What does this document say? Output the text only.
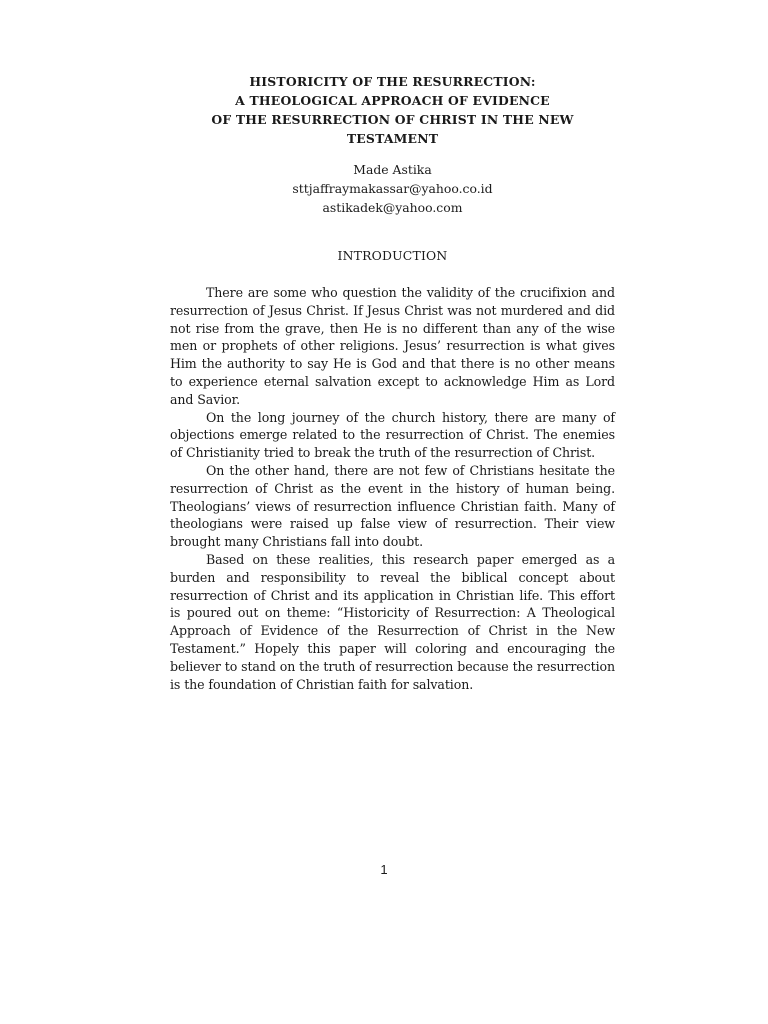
HISTORICITY OF THE RESURRECTION:
A THEOLOGICAL APPROACH OF EVIDENCE
OF THE RESURRECTION OF CHRIST IN THE NEW
TESTAMENT
Made Astika
sttjaffraymakassar@yahoo.co.id
astikadek@yahoo.com
INTRODUCTION

There are some who question the validity of the crucifixion and resurrection of Jesus Christ. If Jesus Christ was not murdered and did not rise from the grave, then He is no different than any of the wise men or prophets of other religions. Jesus’ resurrection is what gives Him the authority to say He is God and that there is no other means to experience eternal salvation except to acknowledge Him as Lord and Savior.

On the long journey of the church history, there are many of objections emerge related to the resurrection of Christ. The enemies of Christianity tried to break the truth of the resurrection of Christ.

On the other hand, there are not few of Christians hesitate the resurrection of Christ as the event in the history of human being. Theologians’ views of resurrection influence Christian faith. Many of theologians were raised up false view of resurrection. Their view brought many Christians fall into doubt.

Based on these realities, this research paper emerged as a burden and responsibility to reveal the biblical concept about resurrection of Christ and its application in Christian life. This effort is poured out on theme: “Historicity of Resurrection: A Theological Approach of Evidence of the Resurrection of Christ in the New Testament.” Hopely this paper will coloring and encouraging the believer to stand on the truth of resurrection because the resurrection is the foundation of Christian faith for salvation.

1
